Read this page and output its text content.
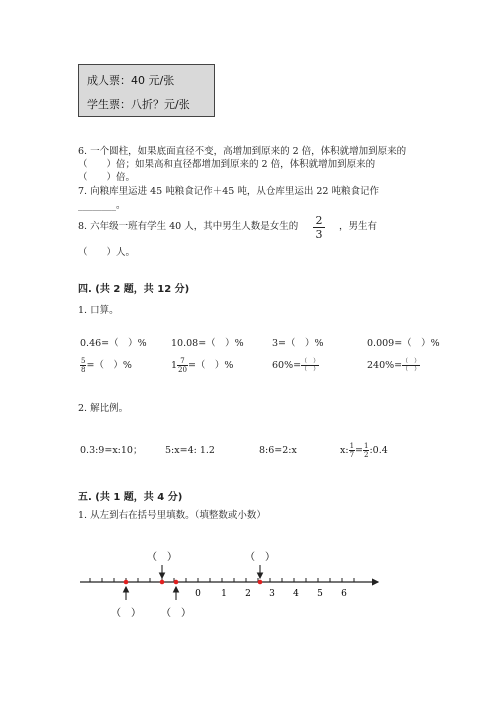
成人票：40 元/张
学生票：八折？元/张
6. 一个圆柱，如果底面直径不变，高增加到原来的 2 倍，体积就增加到原来的
（　　）倍；如果高和直径都增加到原来的 2 倍，体积就增加到原来的
（　　）倍。
7. 向粮库里运进 45 吨粮食记作＋45 吨，从仓库里运出 22 吨粮食记作
________。
8. 六年级一班有学生 40 人，其中男生人数是女生的 $\frac{2}{3}$ ，男生有
（　　）人。
四. (共 2 题，共 12 分)
1. 口算。
0.46=（　）%	10.08=（　）%	3=（　）%	0.009=（　）%
$\frac{5}{8}$ =（　）%	$1 \frac{7}{20}$ =（　）%	$60\%= \frac{( )}{( )}$	$240\%= \frac{( )}{( )}$
2. 解比例。
0.3:9=x:10； 5:x=4: 1.2	8:6=2:x	x: $\frac{1}{7} = \frac{1}{2}$ :0.4
五. (共 1 题，共 4 分)
1. 从左到右在括号里填数。（填整数或小数）
0 1 2 3 4 5 6
（　）	（　）
（　） （　）
